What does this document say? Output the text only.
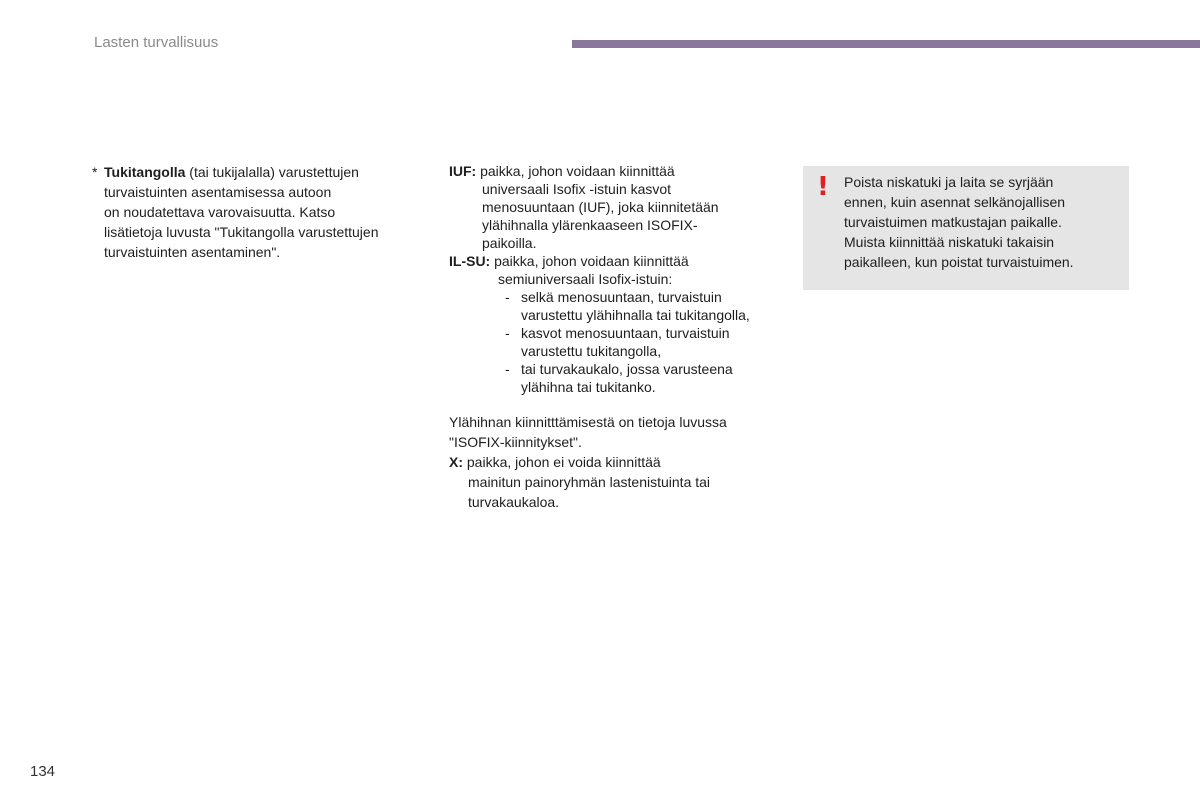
Lasten turvallisuus
* Tukitangolla (tai tukijalalla) varustettujen
turvaistuinten asentamisessa autoon
on noudatettava varovaisuutta. Katso
lisätietoja luvusta "Tukitangolla varustettujen
turvaistuinten asentaminen".
IUF: paikka, johon voidaan kiinnittää
universaali Isofix -istuin kasvot
menosuuntaan (IUF), joka kiinnitetään
ylähihnalla ylärenkaaseen ISOFIX-
paikoilla.
IL-SU: paikka, johon voidaan kiinnittää
semiuniversaali Isofix-istuin:
- selkä menosuuntaan, turvaistuin
varustettu ylähihnalla tai tukitangolla,
- kasvot menosuuntaan, turvaistuin
varustettu tukitangolla,
- tai turvakaukalo, jossa varusteena
ylähihna tai tukitanko.
Ylähihnan kiinnitttämisestä on tietoja luvussa
"ISOFIX-kiinnitykset".
X: paikka, johon ei voida kiinnittää
mainitun painoryhmän lastenistuinta tai
turvakaukaloa.
! Poista niskatuki ja laita se syrjään
ennen, kuin asennat selkänojallisen
turvaistuimen matkustajan paikalle.
Muista kiinnittää niskatuki takaisin
paikalleen, kun poistat turvaistuimen.
134
